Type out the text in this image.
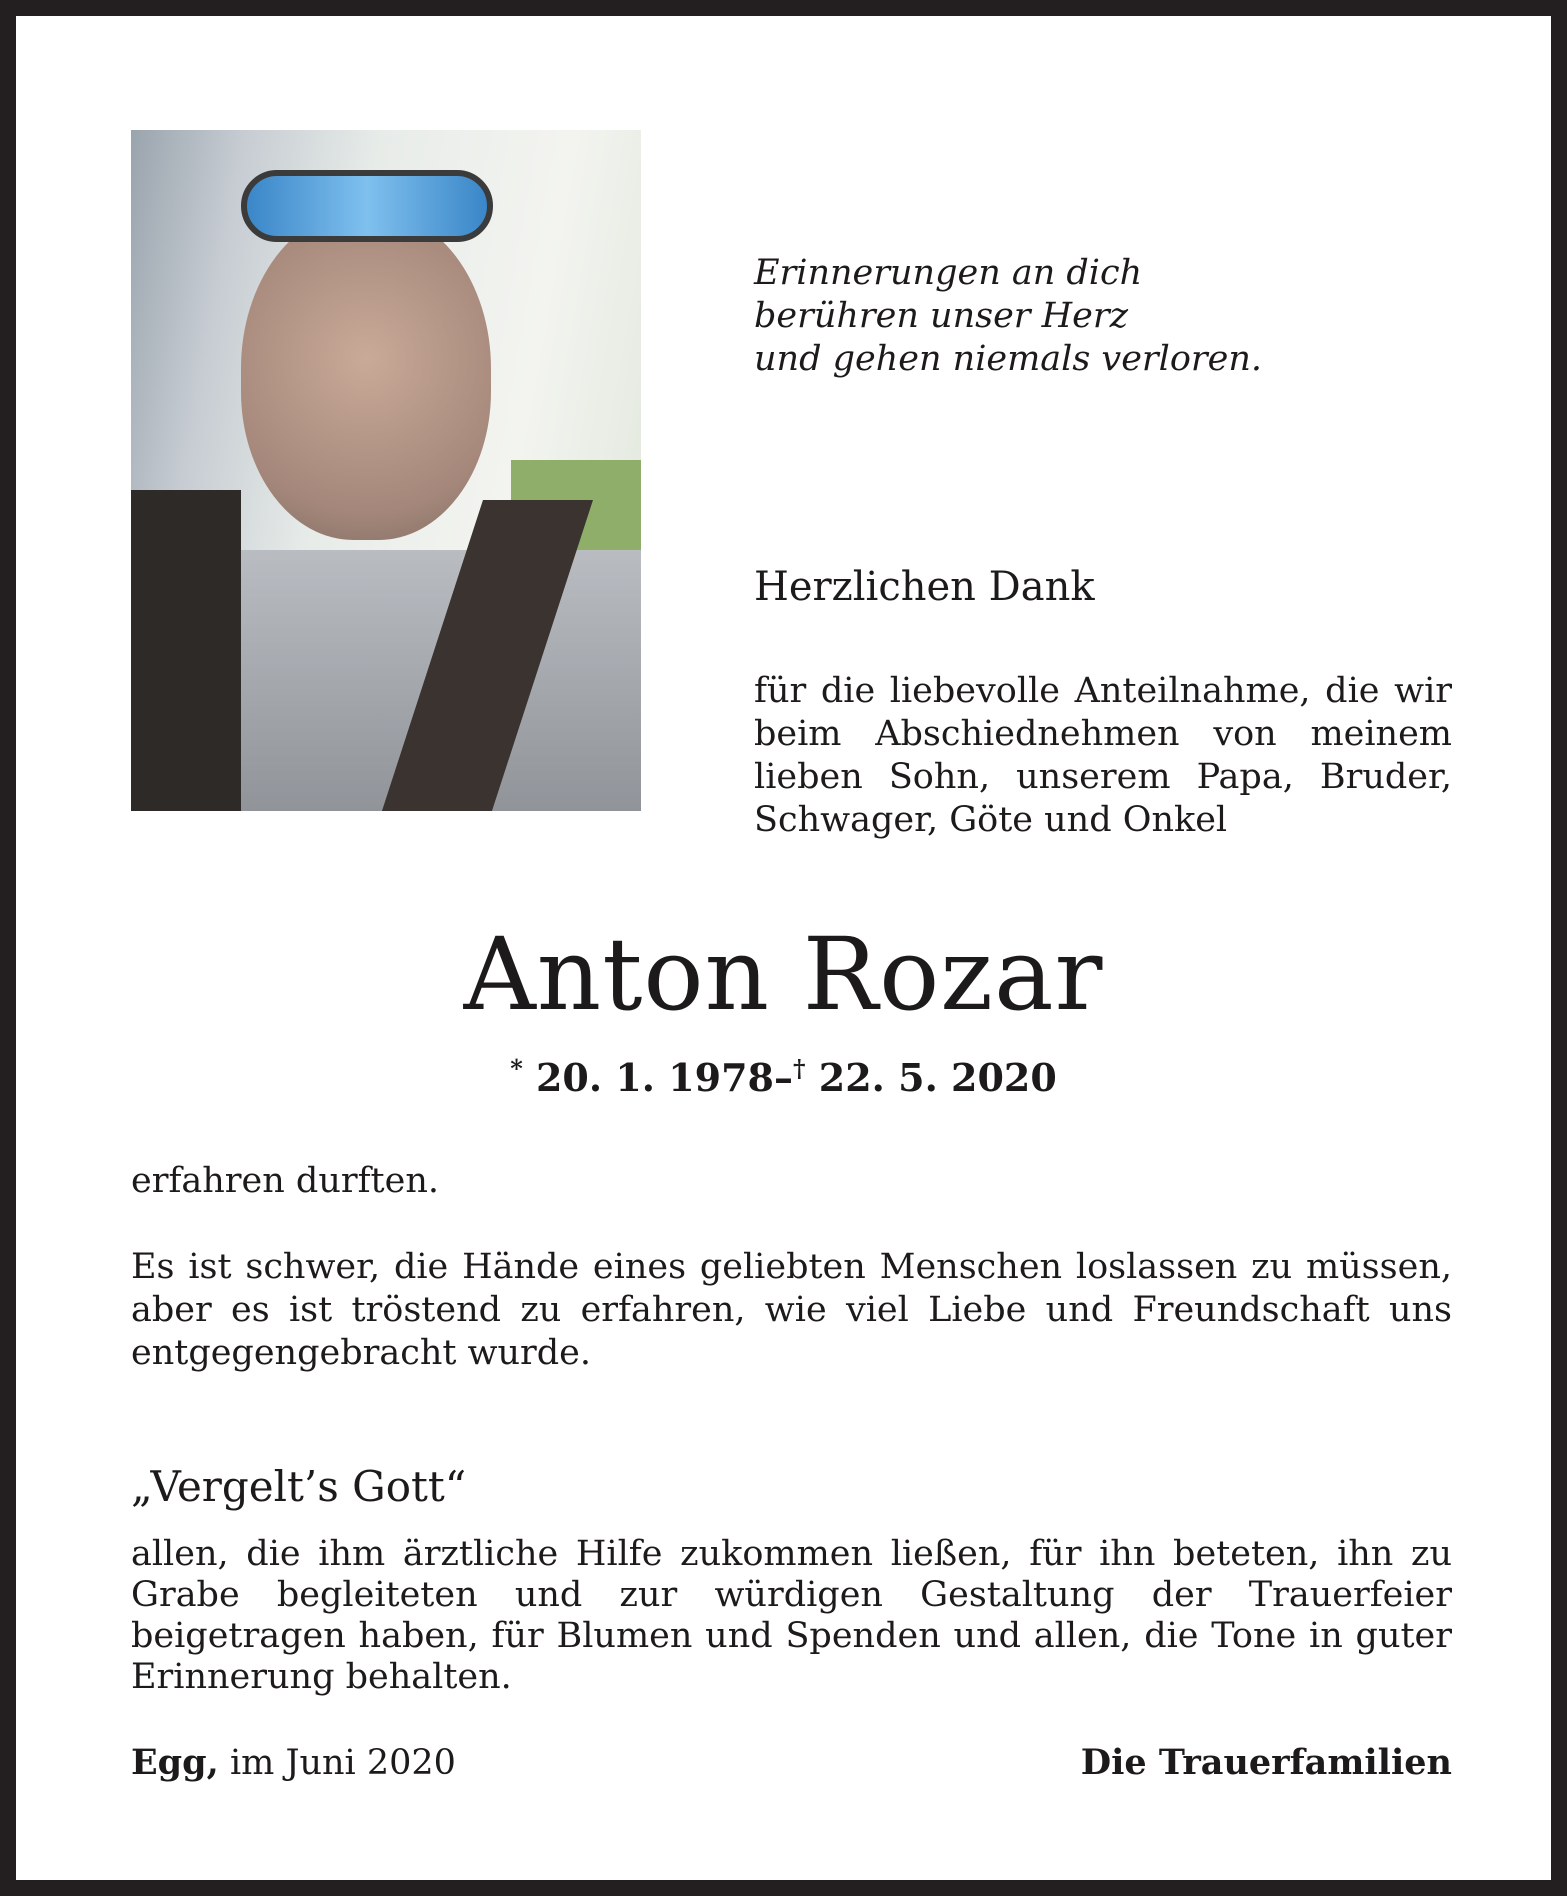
Erinnerungen an dich
berühren unser Herz
und gehen niemals verloren.
Herzlichen Dank
für die liebevolle Anteilnahme, die wir beim Abschiednehmen von meinem lieben Sohn, unserem Papa, Bruder, Schwager, Göte und Onkel
Anton Rozar
* 20. 1. 1978–† 22. 5. 2020
erfahren durften.
Es ist schwer, die Hände eines geliebten Menschen loslassen zu müssen, aber es ist tröstend zu erfahren, wie viel Liebe und Freundschaft uns entgegengebracht wurde.
„Vergelt’s Gott“
allen, die ihm ärztliche Hilfe zukommen ließen, für ihn beteten, ihn zu Grabe begleiteten und zur würdigen Gestaltung der Trauerfeier beigetragen haben, für Blumen und Spenden und allen, die Tone in guter Erinnerung behalten.
Egg, im Juni 2020	Die Trauerfamilien
